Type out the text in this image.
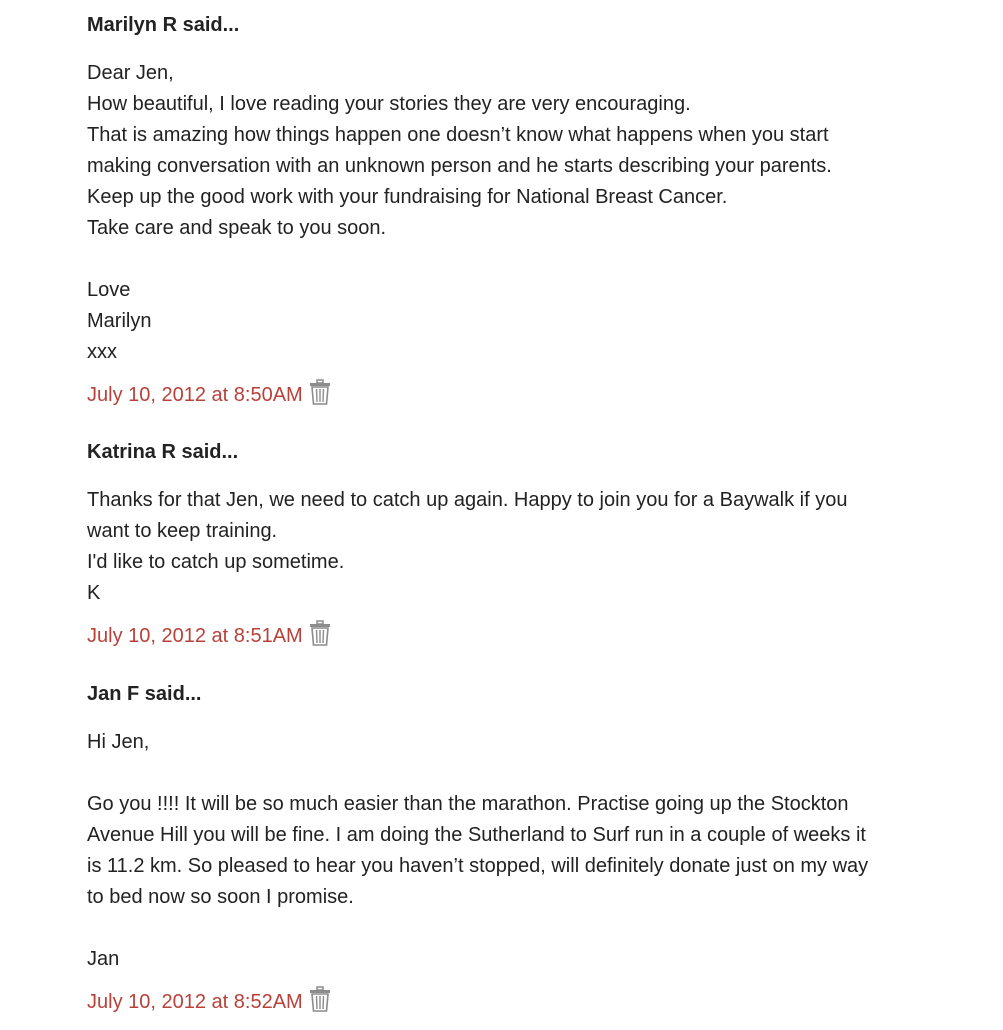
Marilyn R said...
Dear Jen,
How beautiful, I love reading your stories they are very encouraging.
That is amazing how things happen one doesn’t know what happens when you start
making conversation with an unknown person and he starts describing your parents.
Keep up the good work with your fundraising for National Breast Cancer.
Take care and speak to you soon.
Love
Marilyn
xxx
July 10, 2012 at 8:50AM
Katrina R said...
Thanks for that Jen, we need to catch up again. Happy to join you for a Baywalk if you
want to keep training.
I'd like to catch up sometime.
K
July 10, 2012 at 8:51AM
Jan F said...
Hi Jen,
Go you !!!! It will be so much easier than the marathon. Practise going up the Stockton
Avenue Hill you will be fine. I am doing the Sutherland to Surf run in a couple of weeks it
is 11.2 km. So pleased to hear you haven’t stopped, will definitely donate just on my way
to bed now so soon I promise.
Jan
July 10, 2012 at 8:52AM
